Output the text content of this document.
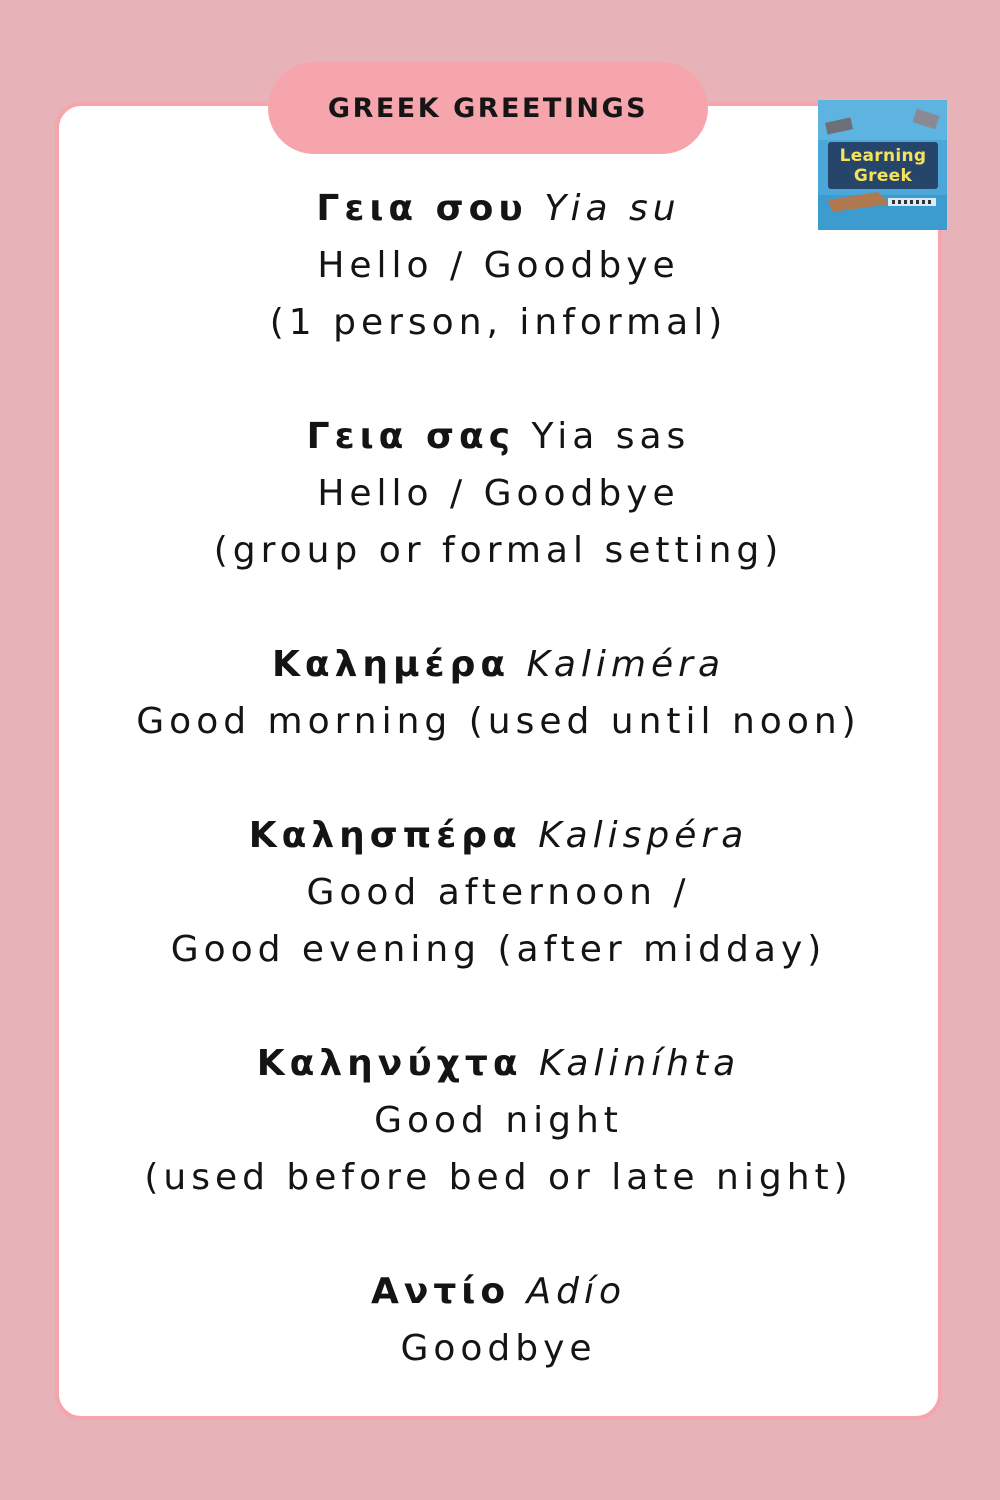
GREEK GREETINGS
Learning
Greek
Γεια σου Yia su
Hello / Goodbye
(1 person, informal)
Γεια σας Yia sas
Hello / Goodbye
(group or formal setting)
Καλημέρα Kaliméra
Good morning (used until noon)
Καλησπέρα Kalispéra
Good afternoon /
Good evening (after midday)
Καληνύχτα Kaliníhta
Good night
(used before bed or late night)
Αντίο Adío
Goodbye
